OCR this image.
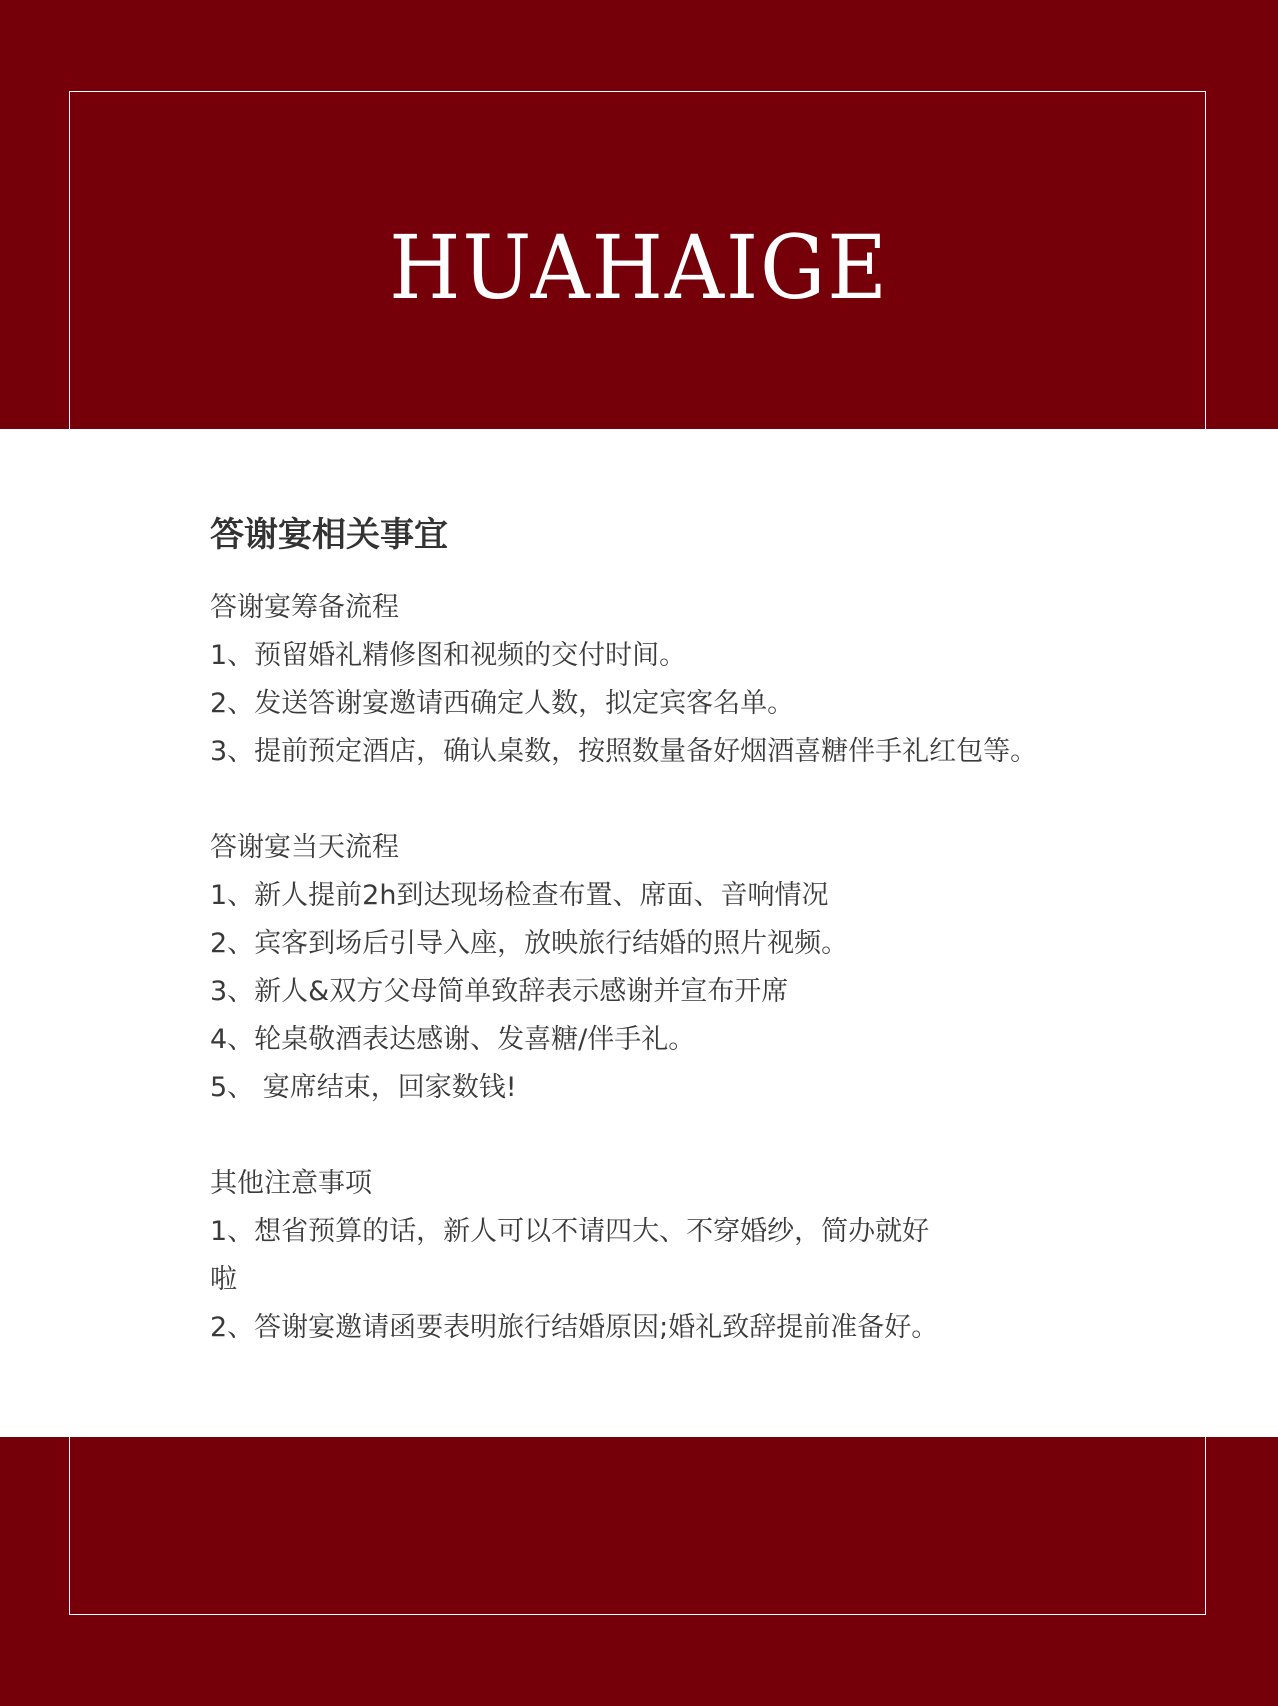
HUAHAIGE
答谢宴相关事宜

答谢宴筹备流程

1、预留婚礼精修图和视频的交付时间。

2、发送答谢宴邀请西确定人数，拟定宾客名单。

3、提前预定酒店，确认桌数，按照数量备好烟酒喜糖伴手礼红包等。

答谢宴当天流程

1、新人提前2h到达现场检查布置、席面、音响情况

2、宾客到场后引导入座，放映旅行结婚的照片视频。

3、新人&双方父母简单致辞表示感谢并宣布开席

4、轮桌敬酒表达感谢、发喜糖/伴手礼。

5、 宴席结束，回家数钱!

其他注意事项

1、想省预算的话，新人可以不请四大、不穿婚纱，简办就好啦

2、答谢宴邀请函要表明旅行结婚原因;婚礼致辞提前准备好。
